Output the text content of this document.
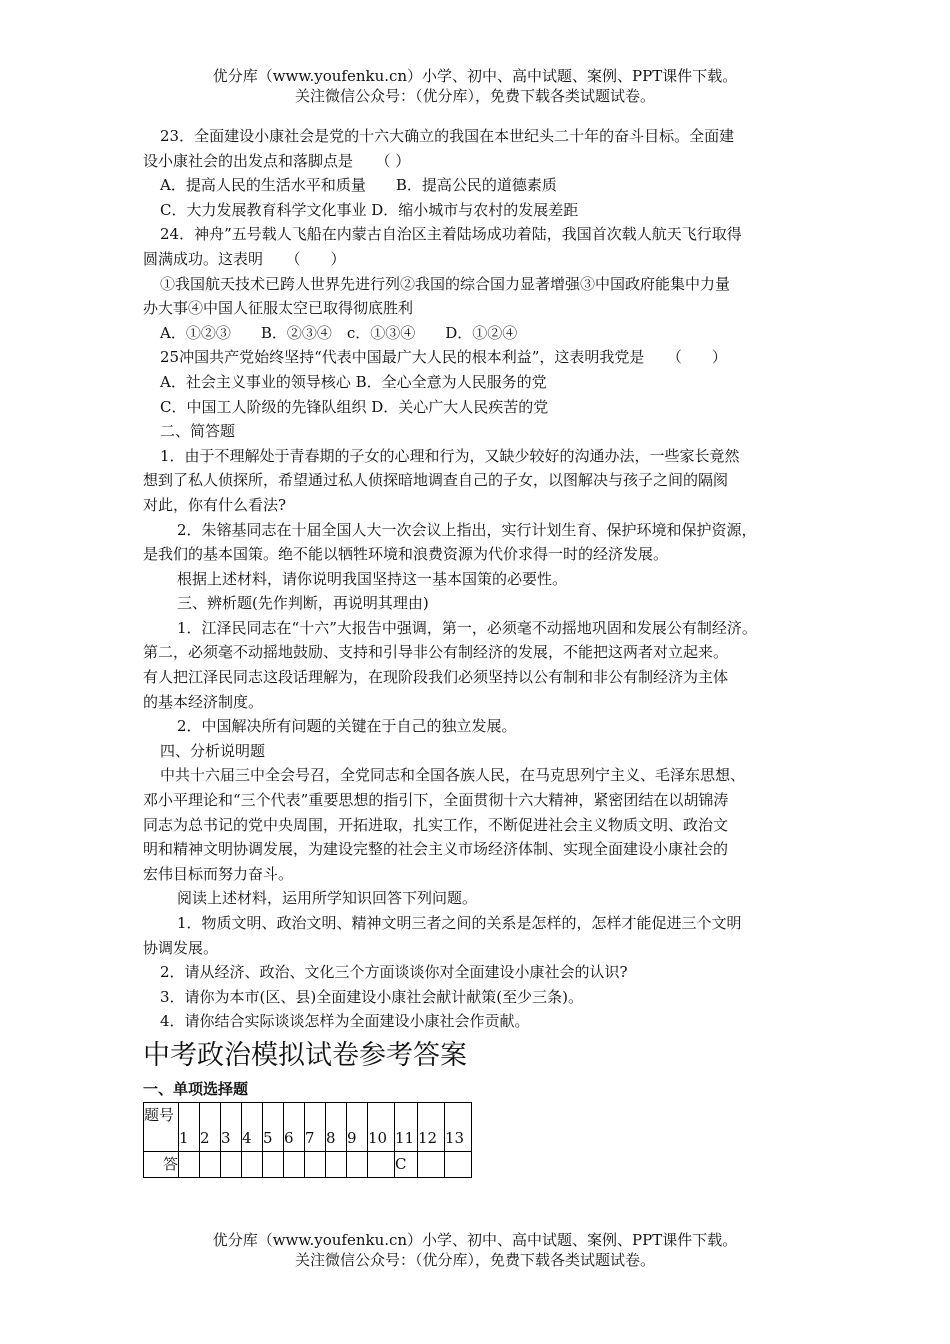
优分库（www.youfenku.cn）小学、初中、高中试题、案例、PPT课件下载。
关注微信公众号：（优分库），免费下载各类试题试卷。

23．全面建设小康社会是党的十六大确立的我国在本世纪头二十年的奋斗目标。全面建

设小康社会的出发点和落脚点是　　（ ）

A．提高人民的生活水平和质量　　B．提高公民的道德素质

C．大力发展教育科学文化事业 D．缩小城市与农村的发展差距

24．神舟”五号载人飞船在内蒙古自治区主着陆场成功着陆，我国首次载人航天飞行取得

圆满成功。这表明　　（　　）

①我国航天技术已跨人世界先进行列②我国的综合国力显著增强③中国政府能集中力量

办大事④中国人征服太空已取得彻底胜利

A．①②③　　B．②③④　c．①③④　　D．①②④

25冲国共产党始终坚持“代表中国最广大人民的根本利益”，这表明我党是　　（　　）

A．社会主义事业的领导核心 B．全心全意为人民服务的党

C．中国工人阶级的先锋队组织 D．关心广大人民疾苦的党

二、简答题

1．由于不理解处于青春期的子女的心理和行为，又缺少较好的沟通办法，一些家长竟然

想到了私人侦探所，希望通过私人侦探暗地调查自己的子女，以图解决与孩子之间的隔阂

对此，你有什么看法?

2．朱镕基同志在十届全国人大一次会议上指出，实行计划生育、保护环境和保护资源，

是我们的基本国策。绝不能以牺牲环境和浪费资源为代价求得一时的经济发展。

根据上述材料，请你说明我国坚持这一基本国策的必要性。

三、辨析题(先作判断，再说明其理由)

1．江泽民同志在“十六”大报告中强调，第一，必须毫不动摇地巩固和发展公有制经济。

第二，必须毫不动摇地鼓励、支持和引导非公有制经济的发展，不能把这两者对立起来。

有人把江泽民同志这段话理解为，在现阶段我们必须坚持以公有制和非公有制经济为主体

的基本经济制度。

2．中国解决所有问题的关键在于自己的独立发展。

四、分析说明题

中共十六届三中全会号召，全党同志和全国各族人民，在马克思列宁主义、毛泽东思想、

邓小平理论和“三个代表”重要思想的指引下，全面贯彻十六大精神，紧密团结在以胡锦涛

同志为总书记的党中央周围，开拓进取，扎实工作，不断促进社会主义物质文明、政治文

明和精神文明协调发展，为建设完整的社会主义市场经济体制、实现全面建设小康社会的

宏伟目标而努力奋斗。

阅读上述材料，运用所学知识回答下列问题。

1．物质文明、政治文明、精神文明三者之间的关系是怎样的，怎样才能促进三个文明

协调发展。

2．请从经济、政治、文化三个方面谈谈你对全面建设小康社会的认识?

3．请你为本市(区、县)全面建设小康社会献计献策(至少三条)。

4．请你结合实际谈谈怎样为全面建设小康社会作贡献。

中考政治模拟试卷参考答案

一、单项选择题

题号	1	2	3	4	5	6	7	8	9	10	11	12	13
答											C		
优分库（www.youfenku.cn）小学、初中、高中试题、案例、PPT课件下载。
关注微信公众号：（优分库），免费下载各类试题试卷。
